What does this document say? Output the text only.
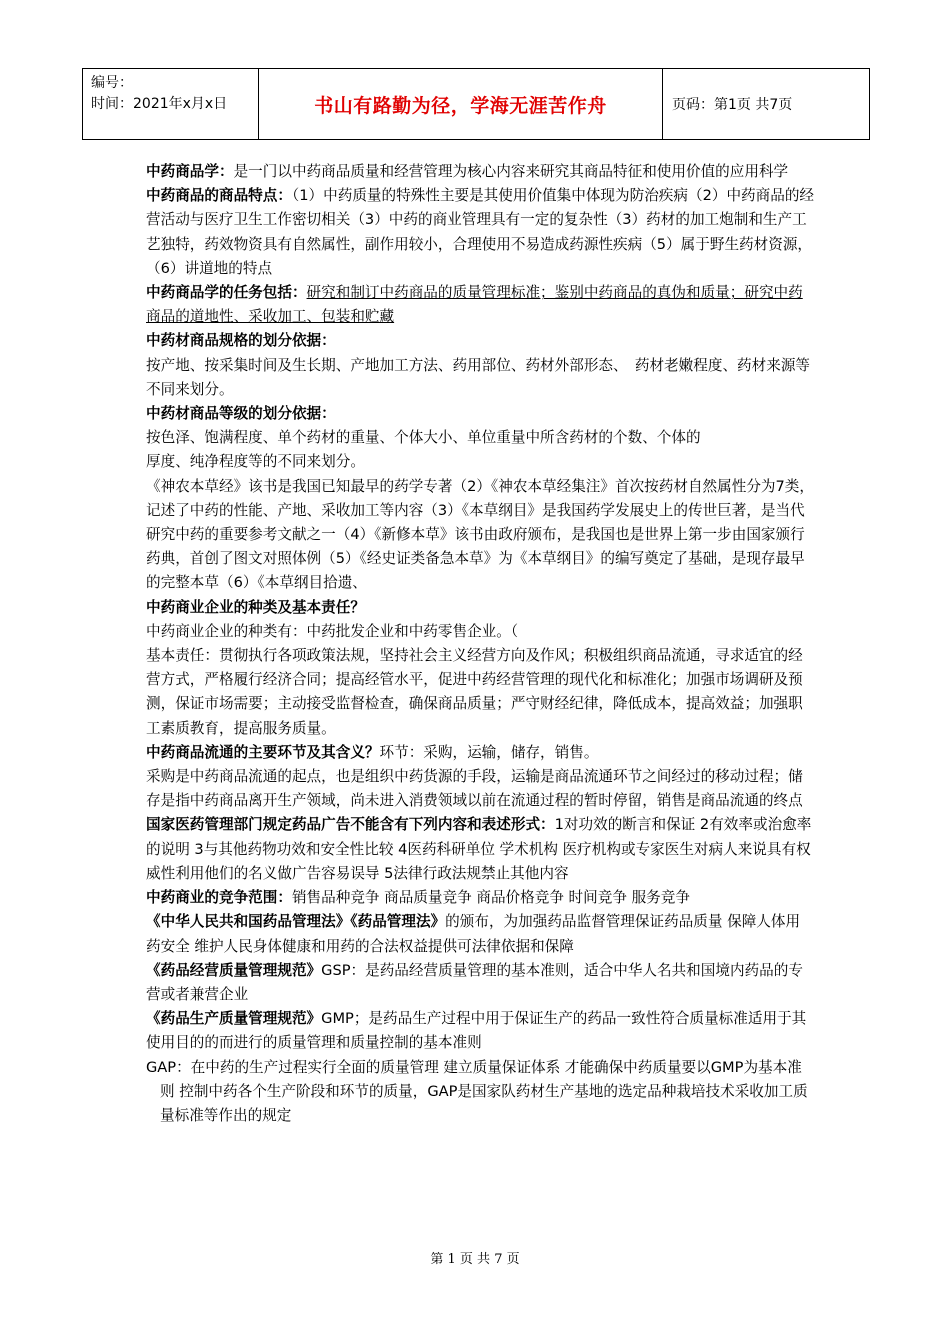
编号：
时间：2021年x月x日	书山有路勤为径，学海无涯苦作舟	页码：第1页 共7页

中药商品学：是一门以中药商品质量和经营管理为核心内容来研究其商品特征和使用价值的应用科学

中药商品的商品特点：（1）中药质量的特殊性主要是其使用价值集中体现为防治疾病（2）中药商品的经营活动与医疗卫生工作密切相关（3）中药的商业管理具有一定的复杂性（3）药材的加工炮制和生产工艺独特，药效物资具有自然属性，副作用较小，合理使用不易造成药源性疾病（5）属于野生药材资源，（6）讲道地的特点

中药商品学的任务包括：研究和制订中药商品的质量管理标准；鉴别中药商品的真伪和质量；研究中药商品的道地性、采收加工、包装和贮藏

中药材商品规格的划分依据：

按产地、按采集时间及生长期、产地加工方法、药用部位、药材外部形态、　药材老嫩程度、药材来源等不同来划分。

中药材商品等级的划分依据：

按色泽、饱满程度、单个药材的重量、个体大小、单位重量中所含药材的个数、个体的

厚度、纯净程度等的不同来划分。

《神农本草经》该书是我国已知最早的药学专著（2）《神农本草经集注》首次按药材自然属性分为7类，记述了中药的性能、产地、采收加工等内容（3）《本草纲目》是我国药学发展史上的传世巨著，是当代研究中药的重要参考文献之一（4）《新修本草》该书由政府颁布，是我国也是世界上第一步由国家颁行药典，首创了图文对照体例（5）《经史证类备急本草》为《本草纲目》的编写奠定了基础，是现存最早的完整本草（6）《本草纲目拾遗、

中药商业企业的种类及基本责任？

中药商业企业的种类有：中药批发企业和中药零售企业。（

基本责任：贯彻执行各项政策法规，坚持社会主义经营方向及作风；积极组织商品流通，寻求适宜的经营方式，严格履行经济合同；提高经管水平，促进中药经营管理的现代化和标准化；加强市场调研及预测，保证市场需要；主动接受监督检查，确保商品质量；严守财经纪律，降低成本，提高效益；加强职工素质教育，提高服务质量。

中药商品流通的主要环节及其含义？环节：采购，运输，储存，销售。

采购是中药商品流通的起点，也是组织中药货源的手段，运输是商品流通环节之间经过的移动过程；储存是指中药商品离开生产领域，尚未进入消费领域以前在流通过程的暂时停留，销售是商品流通的终点

国家医药管理部门规定药品广告不能含有下列内容和表述形式：1对功效的断言和保证 2有效率或治愈率的说明 3与其他药物功效和安全性比较 4医药科研单位 学术机构 医疗机构或专家医生对病人来说具有权威性利用他们的名义做广告容易误导 5法律行政法规禁止其他内容

中药商业的竞争范围：销售品种竞争 商品质量竞争 商品价格竞争 时间竞争 服务竞争

《中华人民共和国药品管理法》《药品管理法》的颁布，为加强药品监督管理保证药品质量 保障人体用药安全 维护人民身体健康和用药的合法权益提供可法律依据和保障

《药品经营质量管理规范》GSP：是药品经营质量管理的基本准则，适合中华人名共和国境内药品的专营或者兼营企业

《药品生产质量管理规范》GMP；是药品生产过程中用于保证生产的药品一致性符合质量标准适用于其使用目的的而进行的质量管理和质量控制的基本准则

GAP：在中药的生产过程实行全面的质量管理 建立质量保证体系 才能确保中药质量要以GMP为基本准则 控制中药各个生产阶段和环节的质量，GAP是国家队药材生产基地的选定品种栽培技术采收加工质量标准等作出的规定

第 1 页 共 7 页
